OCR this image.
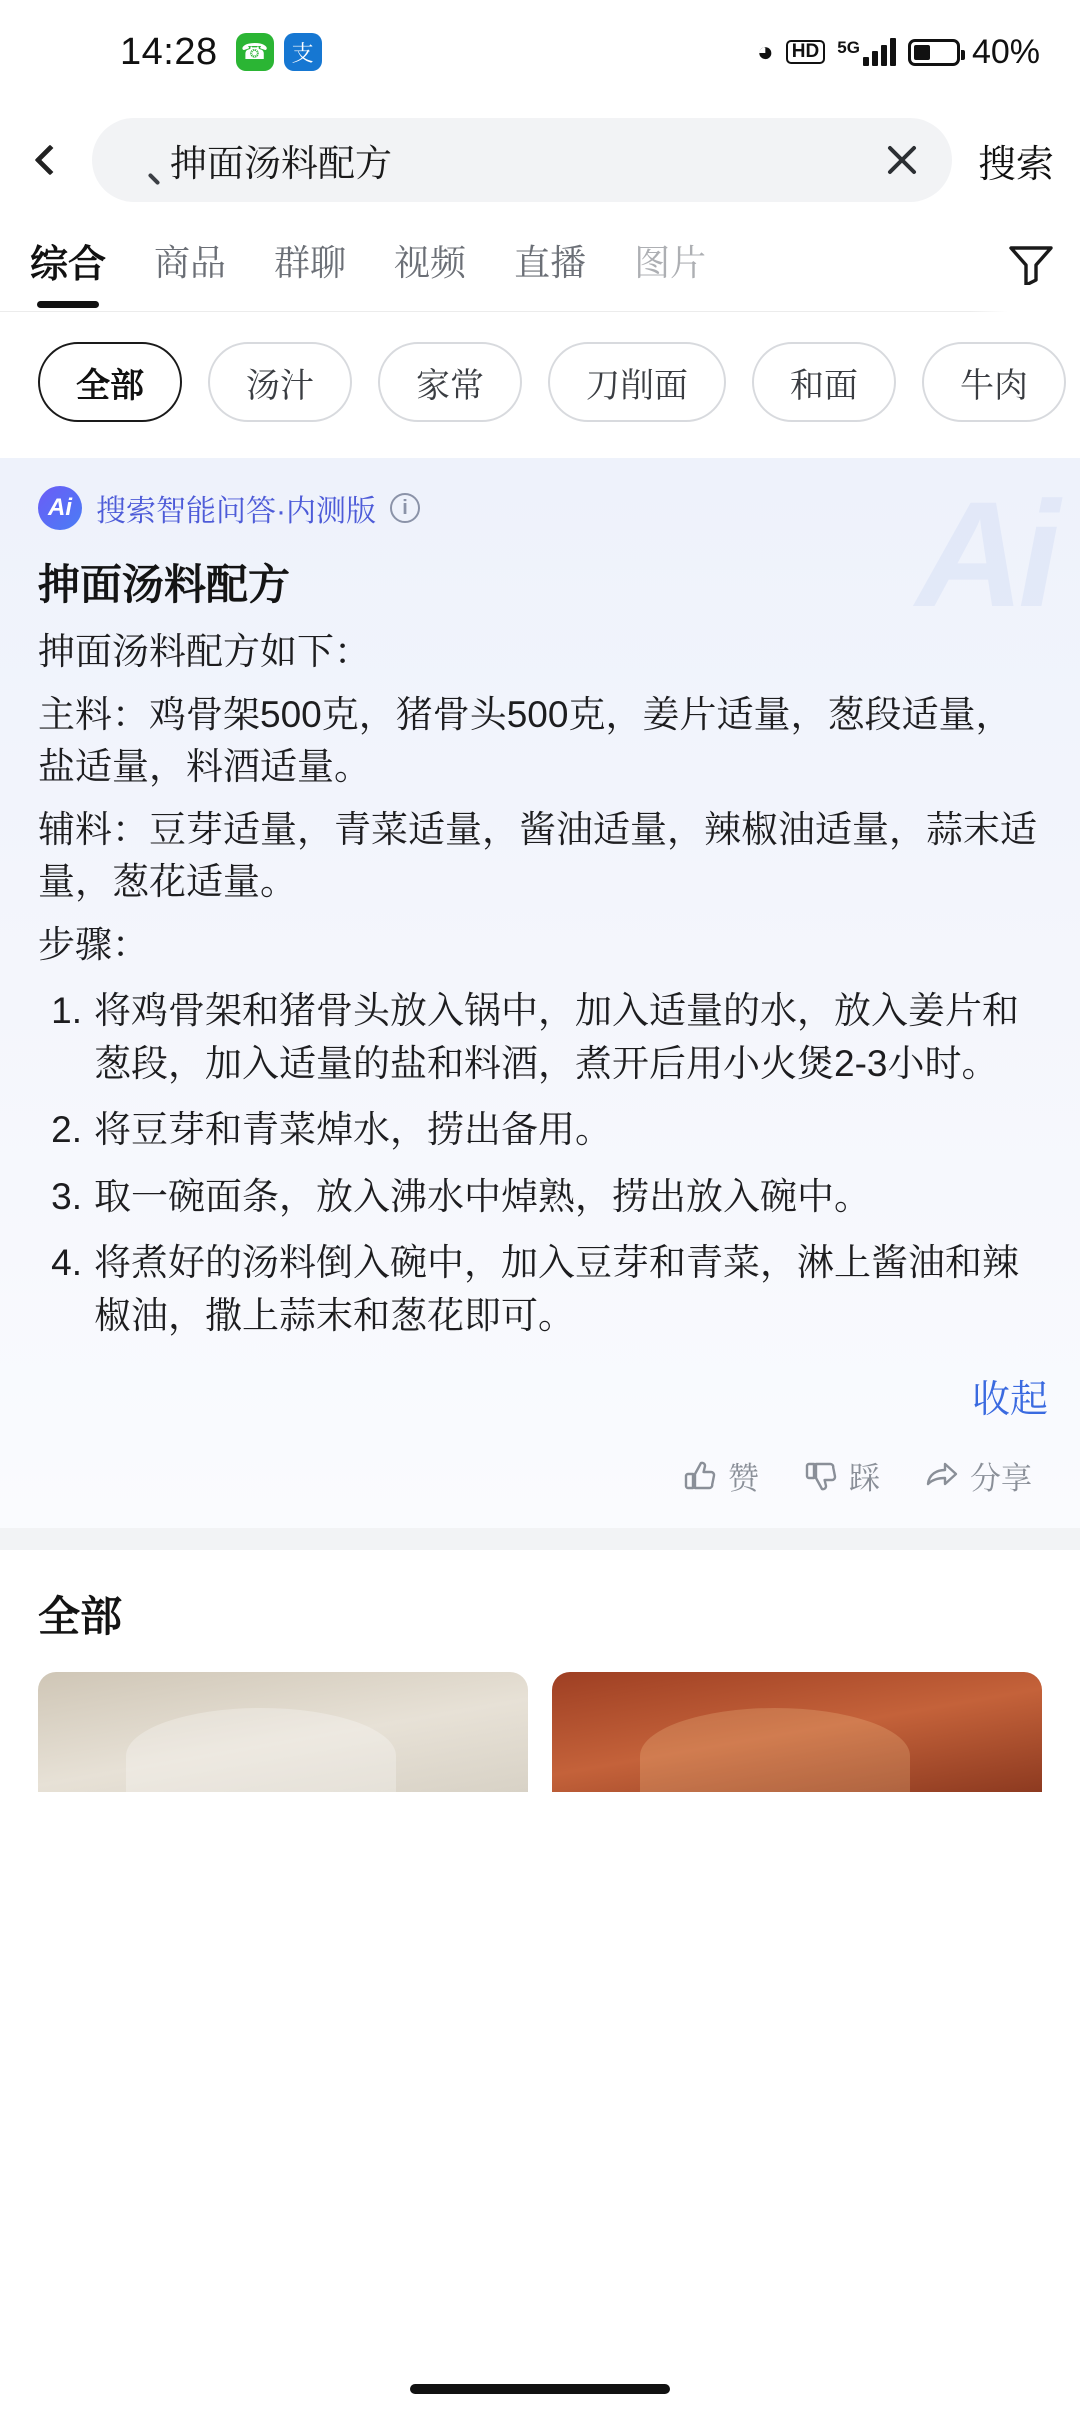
14:28 ☎	支	◕ HD	5G	40%
抻面汤料配方	搜索
综合 商品 群聊 视频 直播 图片
全部	汤汁	家常	刀削面	和面	牛肉
Ai
Ai 搜索智能问答·内测版	i
抻面汤料配方
抻面汤料配方如下：
主料：鸡骨架500克，猪骨头500克，姜片适量，葱段适量，盐适量，料酒适量。
辅料：豆芽适量，青菜适量，酱油适量，辣椒油适量，蒜末适量，葱花适量。
步骤：
1. 将鸡骨架和猪骨头放入锅中，加入适量的水，放入姜片和葱段，加入适量的盐和料酒，煮开后用小火煲2-3小时。
2. 将豆芽和青菜焯水，捞出备用。
3. 取一碗面条，放入沸水中焯熟，捞出放入碗中。
4. 将煮好的汤料倒入碗中，加入豆芽和青菜，淋上酱油和辣椒油，撒上蒜末和葱花即可。
收起
赞	踩	分享
全部
